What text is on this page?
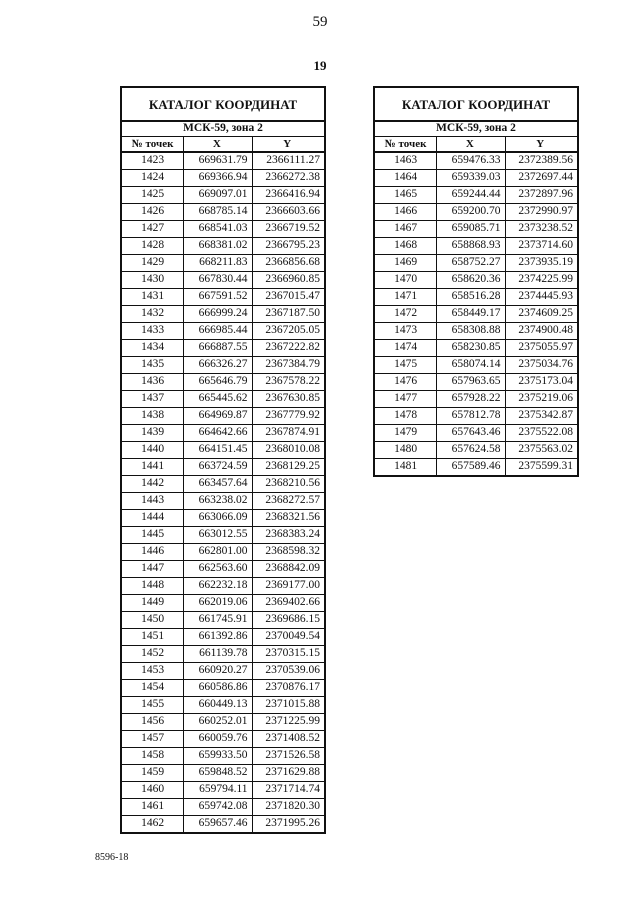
59
19
КАТАЛОГ КООРДИНАТ		
МСК-59, зона 2		
№ точек	X	Y
1423	669631.79	2366111.27
1424	669366.94	2366272.38
1425	669097.01	2366416.94
1426	668785.14	2366603.66
1427	668541.03	2366719.52
1428	668381.02	2366795.23
1429	668211.83	2366856.68
1430	667830.44	2366960.85
1431	667591.52	2367015.47
1432	666999.24	2367187.50
1433	666985.44	2367205.05
1434	666887.55	2367222.82
1435	666326.27	2367384.79
1436	665646.79	2367578.22
1437	665445.62	2367630.85
1438	664969.87	2367779.92
1439	664642.66	2367874.91
1440	664151.45	2368010.08
1441	663724.59	2368129.25
1442	663457.64	2368210.56
1443	663238.02	2368272.57
1444	663066.09	2368321.56
1445	663012.55	2368383.24
1446	662801.00	2368598.32
1447	662563.60	2368842.09
1448	662232.18	2369177.00
1449	662019.06	2369402.66
1450	661745.91	2369686.15
1451	661392.86	2370049.54
1452	661139.78	2370315.15
1453	660920.27	2370539.06
1454	660586.86	2370876.17
1455	660449.13	2371015.88
1456	660252.01	2371225.99
1457	660059.76	2371408.52
1458	659933.50	2371526.58
1459	659848.52	2371629.88
1460	659794.11	2371714.74
1461	659742.08	2371820.30
1462	659657.46	2371995.26
КАТАЛОГ КООРДИНАТ		
МСК-59, зона 2		
№ точек	X	Y
1463	659476.33	2372389.56
1464	659339.03	2372697.44
1465	659244.44	2372897.96
1466	659200.70	2372990.97
1467	659085.71	2373238.52
1468	658868.93	2373714.60
1469	658752.27	2373935.19
1470	658620.36	2374225.99
1471	658516.28	2374445.93
1472	658449.17	2374609.25
1473	658308.88	2374900.48
1474	658230.85	2375055.97
1475	658074.14	2375034.76
1476	657963.65	2375173.04
1477	657928.22	2375219.06
1478	657812.78	2375342.87
1479	657643.46	2375522.08
1480	657624.58	2375563.02
1481	657589.46	2375599.31
8596-18
